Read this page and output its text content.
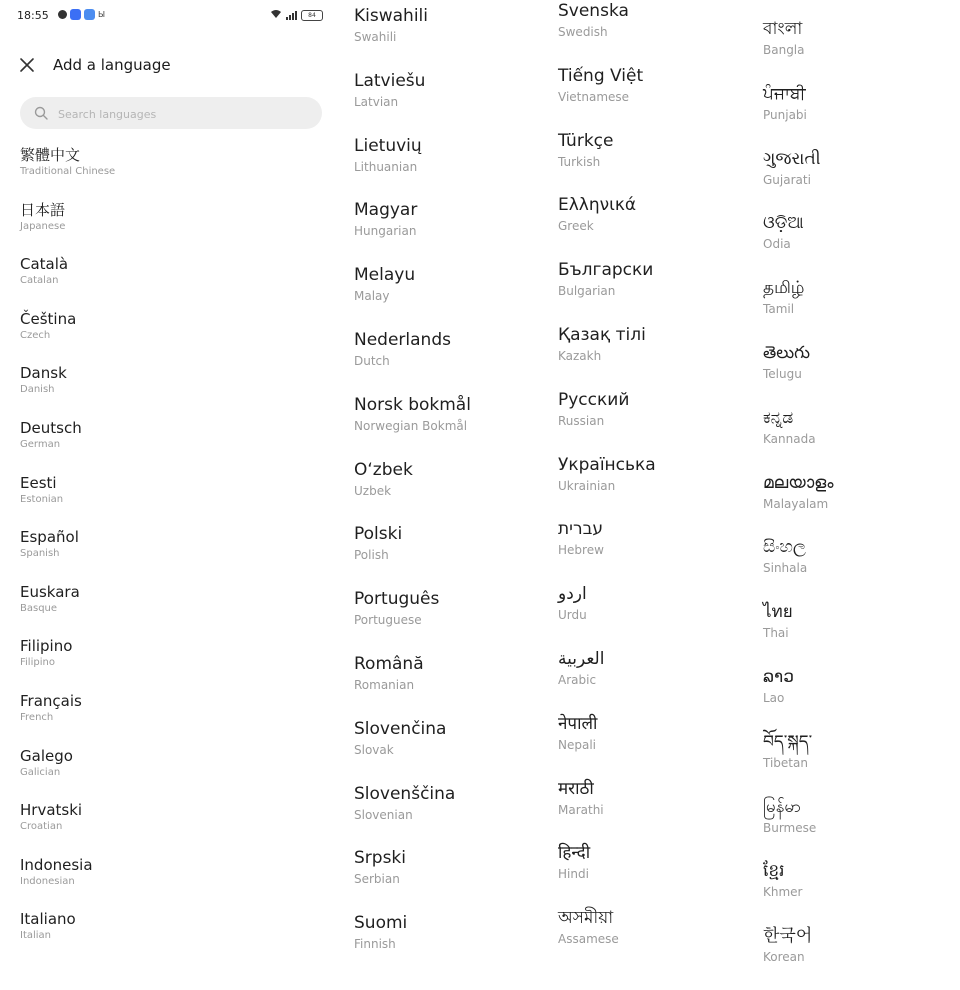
18:55	Ы	84
Add a language
Search languages
繁體中文
Traditional Chinese
日本語
Japanese
Català
Catalan
Čeština
Czech
Dansk
Danish
Deutsch
German
Eesti
Estonian
Español
Spanish
Euskara
Basque
Filipino
Filipino
Français
French
Galego
Galician
Hrvatski
Croatian
Indonesia
Indonesian
Italiano
Italian
Kiswahili
Swahili
Latviešu
Latvian
Lietuvių
Lithuanian
Magyar
Hungarian
Melayu
Malay
Nederlands
Dutch
Norsk bokmål
Norwegian Bokmål
O‘zbek
Uzbek
Polski
Polish
Português
Portuguese
Română
Romanian
Slovenčina
Slovak
Slovenščina
Slovenian
Srpski
Serbian
Suomi
Finnish
Svenska
Swedish
Tiếng Việt
Vietnamese
Türkçe
Turkish
Ελληνικά
Greek
Български
Bulgarian
Қазақ тілі
Kazakh
Русский
Russian
Українська
Ukrainian
עברית
Hebrew
اردو
Urdu
العربية
Arabic
नेपाली
Nepali
मराठी
Marathi
हिन्दी
Hindi
অসমীয়া
Assamese
বাংলা
Bangla
ਪੰਜਾਬੀ
Punjabi
ગુજરાતી
Gujarati
ଓଡ଼ିଆ
Odia
தமிழ்
Tamil
తెలుగు
Telugu
ಕನ್ನಡ
Kannada
മലയാളം
Malayalam
සිංහල
Sinhala
ไทย
Thai
ລາວ
Lao
བོད་སྐད་
Tibetan
မြန်မာ
Burmese
ខ្មែរ
Khmer
한국어
Korean
